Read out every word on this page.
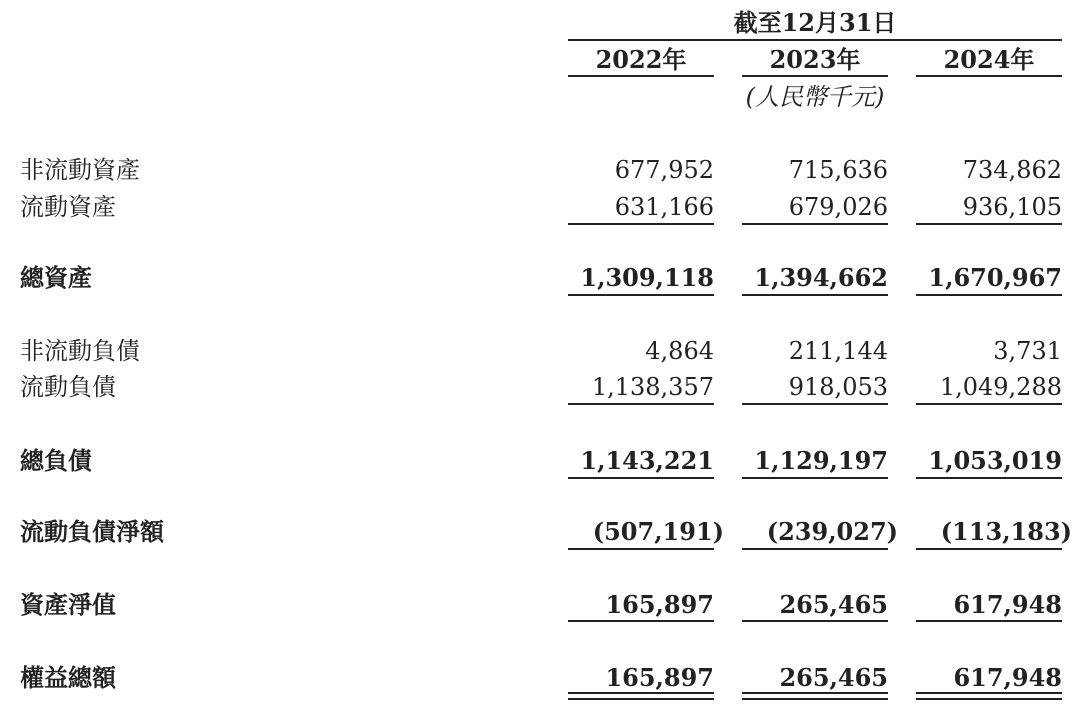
截至12月31日
2022年	2023年	2024年
(人民幣千元)
非流動資產	677,952	715,636	734,862
流動資產	631,166	679,026	936,105
總資產	1,309,118	1,394,662	1,670,967
非流動負債	4,864	211,144	3,731
流動負債	1,138,357	918,053	1,049,288
總負債	1,143,221	1,129,197	1,053,019
流動負債淨額	(507,191)	(239,027)	(113,183)
資產淨值	165,897	265,465	617,948
權益總額	165,897	265,465	617,948
